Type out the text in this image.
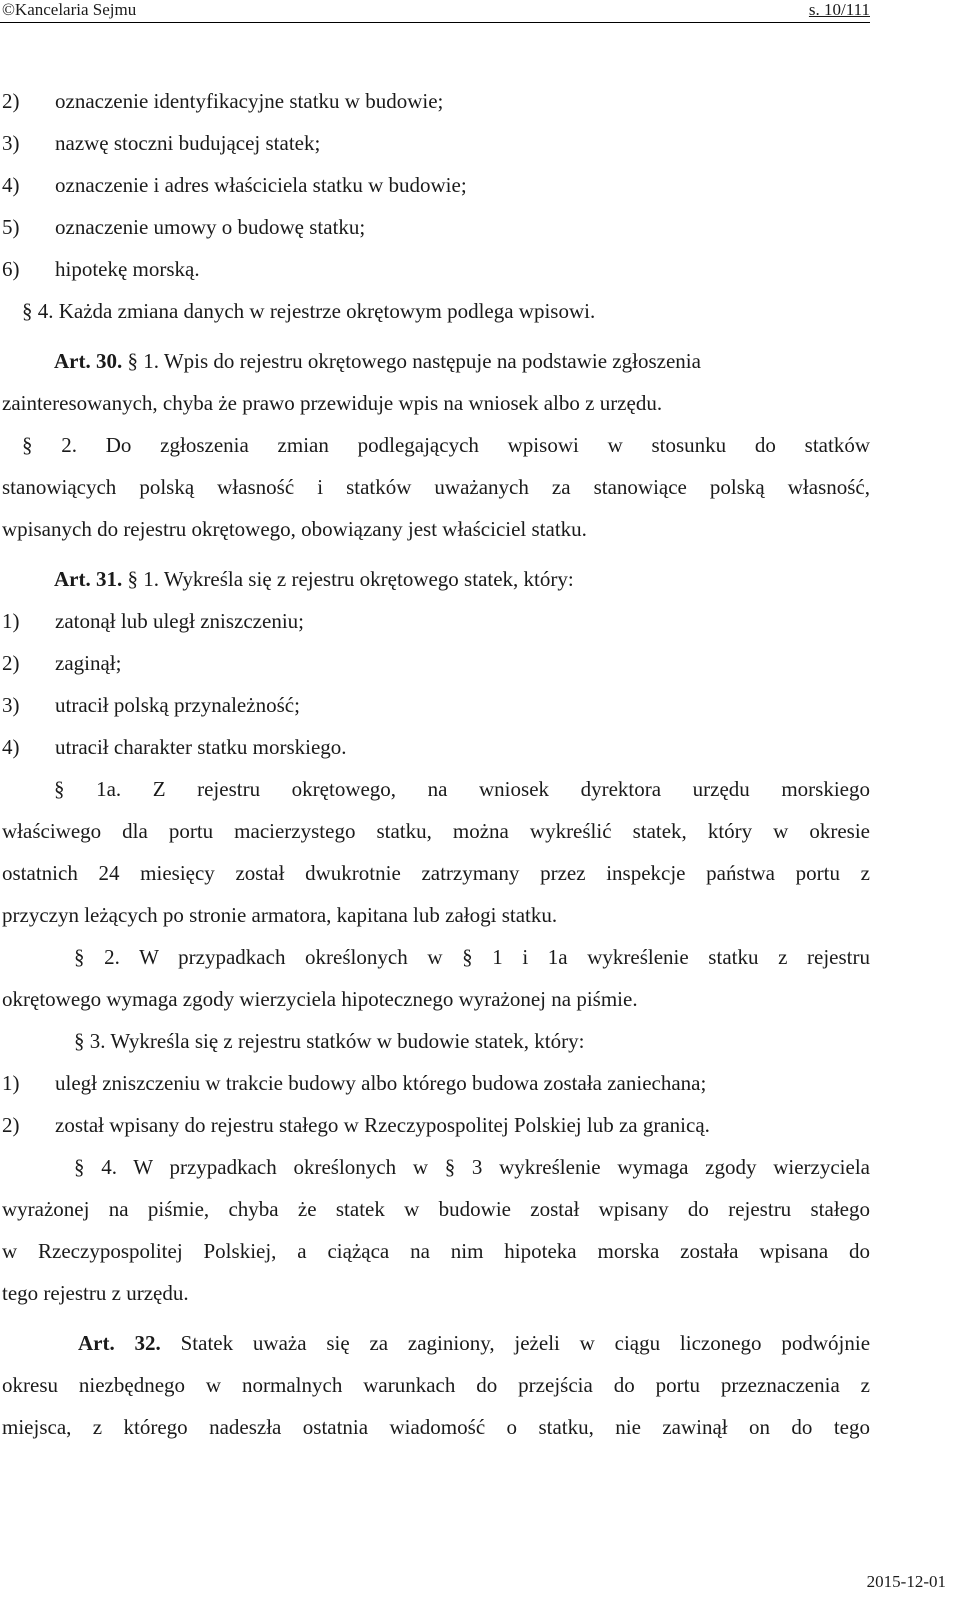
©Kancelaria Sejmu	s. 10/111
2) oznaczenie identyfikacyjne statku w budowie;
3) nazwę stoczni budującej statek;
4) oznaczenie i adres właściciela statku w budowie;
5) oznaczenie umowy o budowę statku;
6) hipotekę morską.
§ 4. Każda zmiana danych w rejestrze okrętowym podlega wpisowi.
Art. 30. § 1. Wpis do rejestru okrętowego następuje na podstawie zgłoszenia
zainteresowanych, chyba że prawo przewiduje wpis na wniosek albo z urzędu.
§ 2. Do zgłoszenia zmian podlegających wpisowi w stosunku do statków
stanowiących polską własność i statków uważanych za stanowiące polską własność,
wpisanych do rejestru okrętowego, obowiązany jest właściciel statku.
Art. 31. § 1. Wykreśla się z rejestru okrętowego statek, który:
1) zatonął lub uległ zniszczeniu;
2) zaginął;
3) utracił polską przynależność;
4) utracił charakter statku morskiego.
§ 1a. Z rejestru okrętowego, na wniosek dyrektora urzędu morskiego
właściwego dla portu macierzystego statku, można wykreślić statek, który w okresie
ostatnich 24 miesięcy został dwukrotnie zatrzymany przez inspekcje państwa portu z
przyczyn leżących po stronie armatora, kapitana lub załogi statku.
§ 2. W przypadkach określonych w § 1 i 1a wykreślenie statku z rejestru
okrętowego wymaga zgody wierzyciela hipotecznego wyrażonej na piśmie.
§ 3. Wykreśla się z rejestru statków w budowie statek, który:
1) uległ zniszczeniu w trakcie budowy albo którego budowa została zaniechana;
2) został wpisany do rejestru stałego w Rzeczypospolitej Polskiej lub za granicą.
§ 4. W przypadkach określonych w § 3 wykreślenie wymaga zgody wierzyciela
wyrażonej na piśmie, chyba że statek w budowie został wpisany do rejestru stałego
w Rzeczypospolitej Polskiej, a ciążąca na nim hipoteka morska została wpisana do
tego rejestru z urzędu.
Art. 32. Statek uważa się za zaginiony, jeżeli w ciągu liczonego podwójnie
okresu niezbędnego w normalnych warunkach do przejścia do portu przeznaczenia z
miejsca, z którego nadeszła ostatnia wiadomość o statku, nie zawinął on do tego
2015-12-01
